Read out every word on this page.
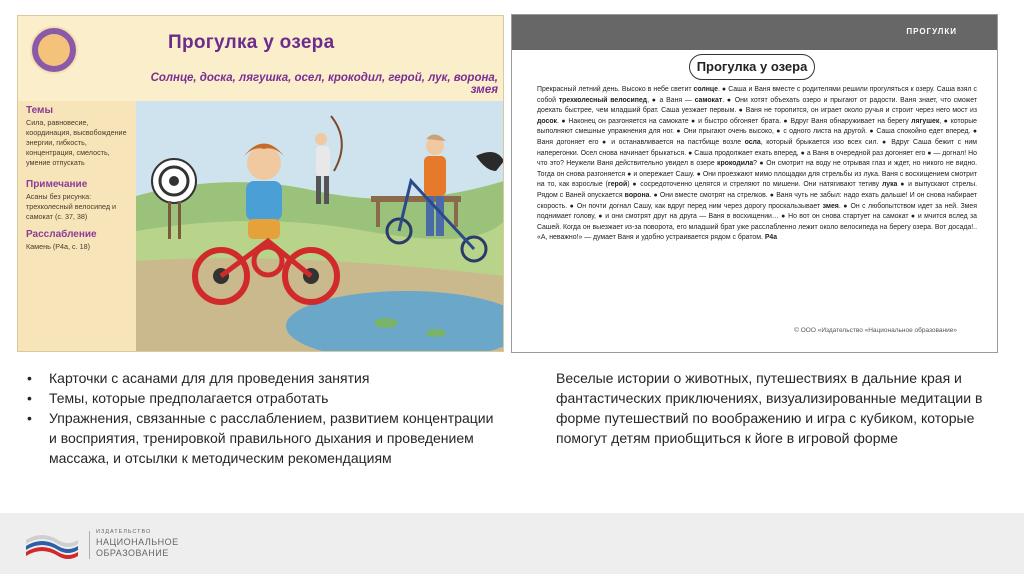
Прогулка у озера
Солнце, доска, лягушка, осел, крокодил, герой, лук, ворона, змея
Темы
Сила, равновесие, координация, высвобождение энергии, гибкость, концентрация, смелость, умение отпускать
Примечание
Асаны без рисунка: трехколесный велосипед и самокат (с. 37, 38)
Расслабление
Камень (Р4а, с. 18)
ПРОГУЛКИ
Прогулка у озера
Прекрасный летний день. Высоко в небе светит солнце. ● Саша и Ваня вместе с родителями решили прогуляться к озеру. Саша взял с собой трехколесный велосипед, ● а Ваня — самокат. ● Они хотят объехать озеро и прыгают от радости. Ваня знает, что сможет доехать быстрее, чем младший брат. Саша уезжает первым. ● Ваня не торопится, он играет около ручья и строит через него мост из досок. ● Наконец он разгоняется на самокате ● и быстро обгоняет брата. ● Вдруг Ваня обнаруживает на берегу лягушек, ● которые выполняют смешные упражнения для ног. ● Они прыгают очень высоко, ● с одного листа на другой. ● Саша спокойно едет вперед. ● Ваня догоняет его ● и останавливается на пастбище возле осла, который брыкается изо всех сил. ● Вдруг Саша бежит с ним наперегонки. Осел снова начинает брыкаться. ● Саша продолжает ехать вперед, ● а Ваня в очередной раз догоняет его ● — догнал! Но что это? Неужели Ваня действительно увидел в озере крокодила? ● Он смотрит на воду не отрывая глаз и ждет, но никого не видно. Тогда он снова разгоняется ● и опережает Сашу. ● Они проезжают мимо площадки для стрельбы из лука. Ваня с восхищением смотрит на то, как взрослые (герой) ● сосредоточенно целятся и стреляют по мишени. Они натягивают тетиву лука ● и выпускают стрелы. Рядом с Ваней опускается ворона. ● Они вместе смотрят на стрелков. ● Ваня чуть не забыл: надо ехать дальше! И он снова набирает скорость. ● Он почти догнал Сашу, как вдруг перед ним через дорогу проскальзывает змея. ● Он с любопытством идет за ней. Змея поднимает голову, ● и они смотрят друг на друга — Ваня в восхищении… ● Но вот он снова стартует на самокат ● и мчится вслед за Сашей. Когда он выезжает из-за поворота, его младший брат уже расслабленно лежит около велосипеда на берегу озера. Вот досада!.. «А, неважно!» — думает Ваня и удобно устраивается рядом с братом. Р4а
© ООО «Издательство «Национальное образование»
• Карточки с асанами для для проведения занятия
• Темы, которые предполагается отработать
• Упражнения, связанные с расслаблением, развитием концентрации и восприятия, тренировкой правильного дыхания и проведением массажа, и отсылки к методическим рекомендациям
Веселые истории о животных, путешествиях в дальние края и фантастических приключениях, визуализированные медитации в форме путешествий по воображению и игра с кубиком, которые помогут детям приобщиться к йоге в игровой форме
ИЗДАТЕЛЬСТВО
НАЦИОНАЛЬНОЕ
ОБРАЗОВАНИЕ
